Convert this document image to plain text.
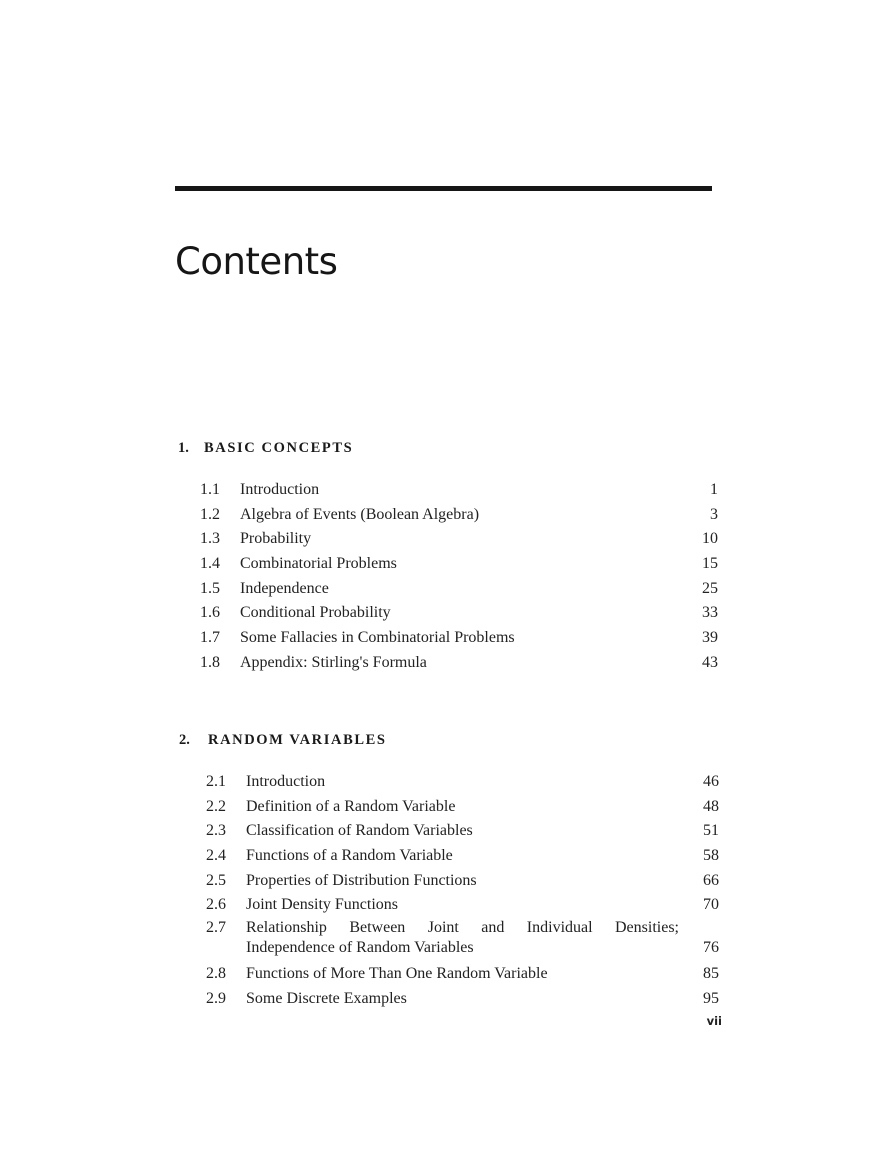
Contents
1. BASIC CONCEPTS
1.1	Introduction	1
1.2	Algebra of Events (Boolean Algebra)	3
1.3	Probability	10
1.4	Combinatorial Problems	15
1.5	Independence	25
1.6	Conditional Probability	33
1.7	Some Fallacies in Combinatorial Problems	39
1.8	Appendix: Stirling's Formula	43
2. RANDOM VARIABLES
2.1	Introduction	46
2.2	Definition of a Random Variable	48
2.3	Classification of Random Variables	51
2.4	Functions of a Random Variable	58
2.5	Properties of Distribution Functions	66
2.6	Joint Density Functions	70
2.7	Relationship Between Joint and Individual Densities;
Independence of Random Variables	76
2.8	Functions of More Than One Random Variable	85
2.9	Some Discrete Examples	95
vii
